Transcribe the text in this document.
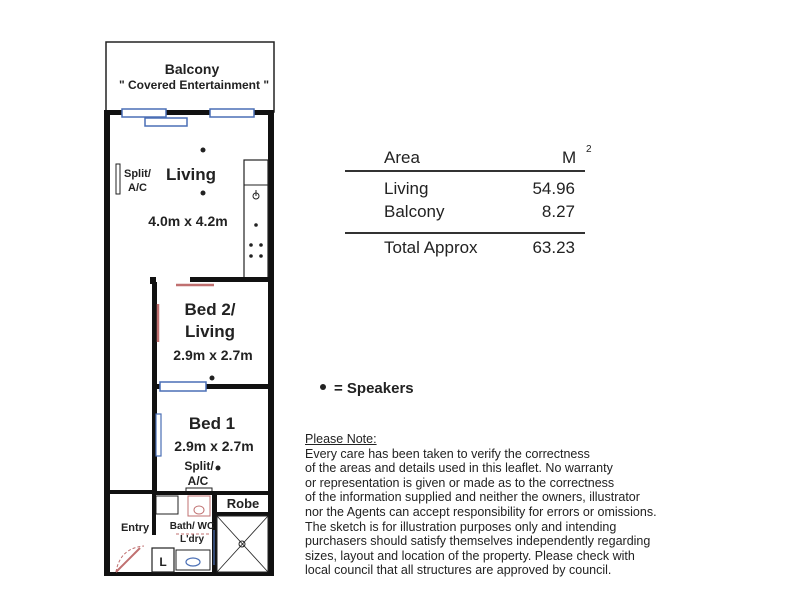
Balcony
" Covered Entertainment "
Living
4.0m x 4.2m
Split/
A/C
Bed 2/
Living
2.9m x 2.7m
Bed 1
2.9m x 2.7m
Split/
A/C
Robe
Bath/ WC
L'dry
L
Entry
Area	M 2
Living	54.96
Balcony	8.27
Total Approx	63.23
= Speakers
Please Note:
Every care has been taken to verify the correctness
of the areas and details used in this leaflet. No warranty
or representation is given or made as to the correctness
of the information supplied and neither the owners, illustrator
nor the Agents can accept responsibility for errors or omissions.
The sketch is for illustration purposes only and intending
purchasers should satisfy themselves independently regarding
sizes, layout and location of the property. Please check with
local council that all structures are approved by council.
